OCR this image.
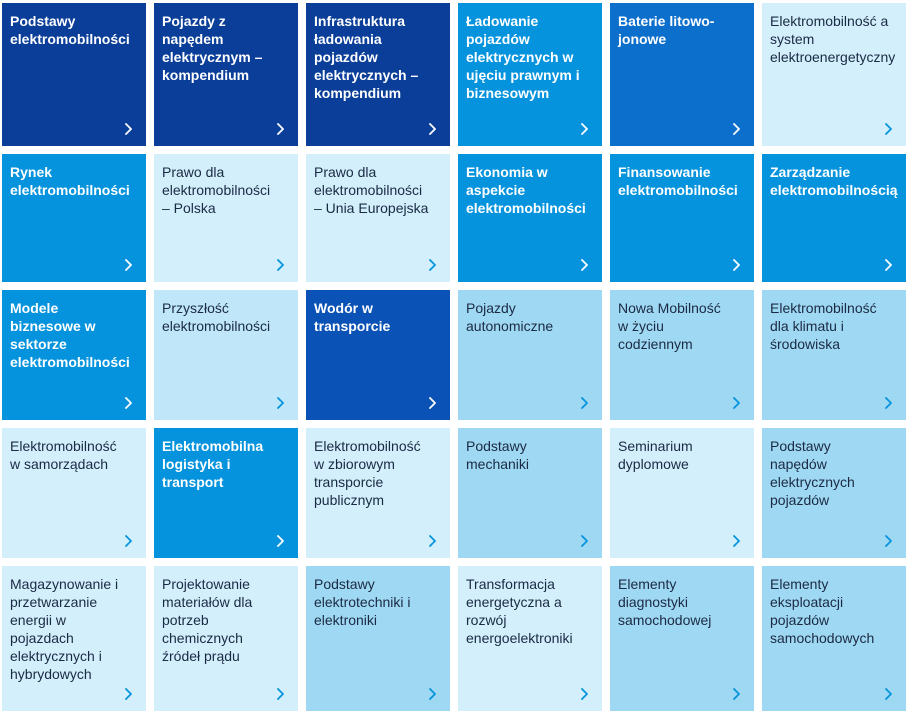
Podstawy
elektromobilności
Pojazdy z
napędem
elektrycznym –
kompendium
Infrastruktura
ładowania
pojazdów
elektrycznych –
kompendium
Ładowanie
pojazdów
elektrycznych w
ujęciu prawnym i
biznesowym
Baterie litowo-
jonowe
Elektromobilność a
system
elektroenergetyczny
Rynek
elektromobilności
Prawo dla
elektromobilności
– Polska
Prawo dla
elektromobilności
– Unia Europejska
Ekonomia w
aspekcie
elektromobilności
Finansowanie
elektromobilności
Zarządzanie
elektromobilnością
Modele
biznesowe w
sektorze
elektromobilności
Przyszłość
elektromobilności
Wodór w
transporcie
Pojazdy
autonomiczne
Nowa Mobilność
w życiu
codziennym
Elektromobilność
dla klimatu i
środowiska
Elektromobilność
w samorządach
Elektromobilna
logistyka i
transport
Elektromobilność
w zbiorowym
transporcie
publicznym
Podstawy
mechaniki
Seminarium
dyplomowe
Podstawy
napędów
elektrycznych
pojazdów
Magazynowanie i
przetwarzanie
energii w
pojazdach
elektrycznych i
hybrydowych
Projektowanie
materiałów dla
potrzeb
chemicznych
źródeł prądu
Podstawy
elektrotechniki i
elektroniki
Transformacja
energetyczna a
rozwój
energoelektroniki
Elementy
diagnostyki
samochodowej
Elementy
eksploatacji
pojazdów
samochodowych
